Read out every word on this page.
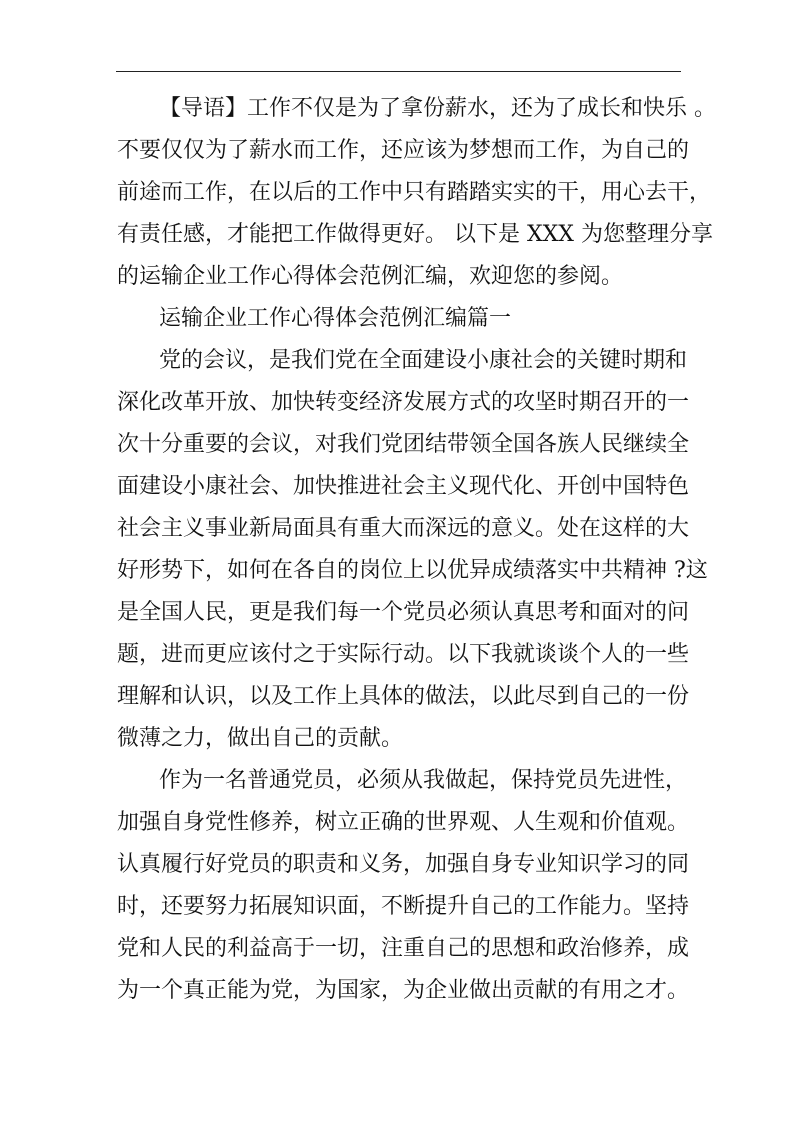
【导语】工作不仅是为了拿份薪水，还为了成长和快乐 。
不要仅仅为了薪水而工作，还应该为梦想而工作，为自己的
前途而工作，在以后的工作中只有踏踏实实的干，用心去干，
有责任感，才能把工作做得更好。 以下是 XXX 为您整理分享
的运输企业工作心得体会范例汇编，欢迎您的参阅。
运输企业工作心得体会范例汇编篇一
党的会议，是我们党在全面建设小康社会的关键时期和
深化改革开放、加快转变经济发展方式的攻坚时期召开的一
次十分重要的会议，对我们党团结带领全国各族人民继续全
面建设小康社会、加快推进社会主义现代化、开创中国特色
社会主义事业新局面具有重大而深远的意义。处在这样的大
好形势下，如何在各自的岗位上以优异成绩落实中共精神 ?这
是全国人民，更是我们每一个党员必须认真思考和面对的问
题，进而更应该付之于实际行动。以下我就谈谈个人的一些
理解和认识，以及工作上具体的做法，以此尽到自己的一份
微薄之力，做出自己的贡献。
作为一名普通党员，必须从我做起，保持党员先进性，
加强自身党性修养，树立正确的世界观、人生观和价值观。
认真履行好党员的职责和义务，加强自身专业知识学习的同
时，还要努力拓展知识面，不断提升自己的工作能力。坚持
党和人民的利益高于一切，注重自己的思想和政治修养，成
为一个真正能为党，为国家，为企业做出贡献的有用之才。
